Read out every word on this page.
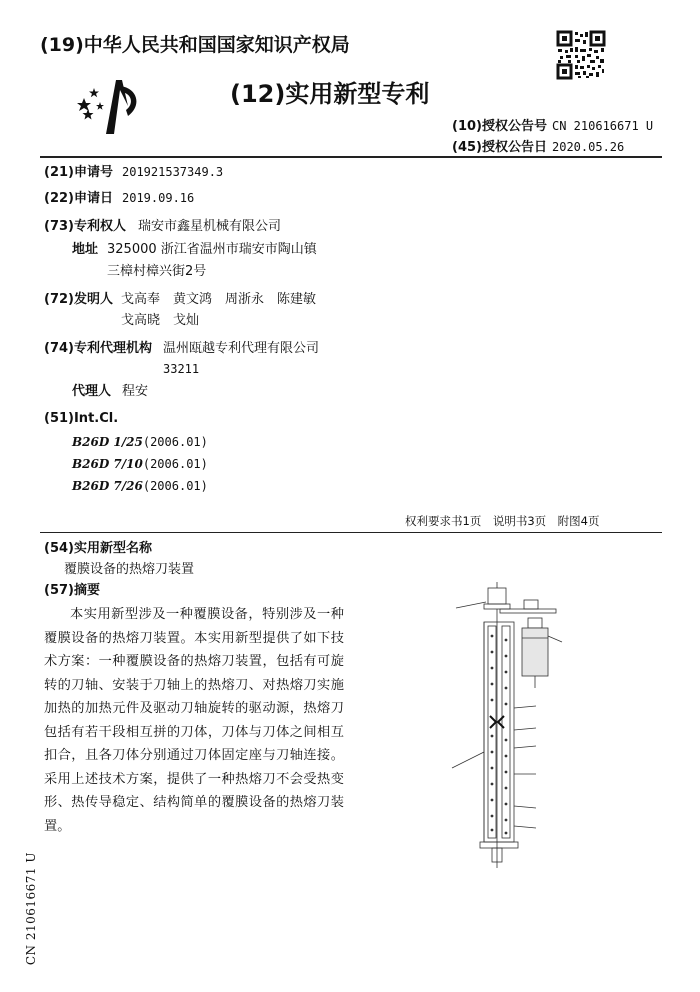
(19)中华人民共和国国家知识产权局
(12)实用新型专利
(10)授权公告号 CN 210616671 U
(45)授权公告日 2020.05.26
(21)申请号 201921537349.3
(22)申请日 2019.09.16
(73)专利权人 瑞安市鑫星机械有限公司
地址 325000 浙江省温州市瑞安市陶山镇
三樟村樟兴街2号
(72)发明人 戈高奉　黄文鸿　周浙永　陈建敏
戈高晓　戈灿
(74)专利代理机构 温州瓯越专利代理有限公司
33211
代理人 程安
(51)Int.Cl.
B26D 1/25(2006.01)
B26D 7/10(2006.01)
B26D 7/26(2006.01)
权利要求书1页　说明书3页　附图4页
(54)实用新型名称
覆膜设备的热熔刀装置
(57)摘要
本实用新型涉及一种覆膜设备，特别涉及一种覆膜设备的热熔刀装置。本实用新型提供了如下技术方案：一种覆膜设备的热熔刀装置，包括有可旋转的刀轴、安装于刀轴上的热熔刀、对热熔刀实施加热的加热元件及驱动刀轴旋转的驱动源，热熔刀包括有若干段相互拼的刀体，刀体与刀体之间相互扣合，且各刀体分别通过刀体固定座与刀轴连接。采用上述技术方案，提供了一种热熔刀不会受热变形、热传导稳定、结构简单的覆膜设备的热熔刀装置。
CN 210616671 U
